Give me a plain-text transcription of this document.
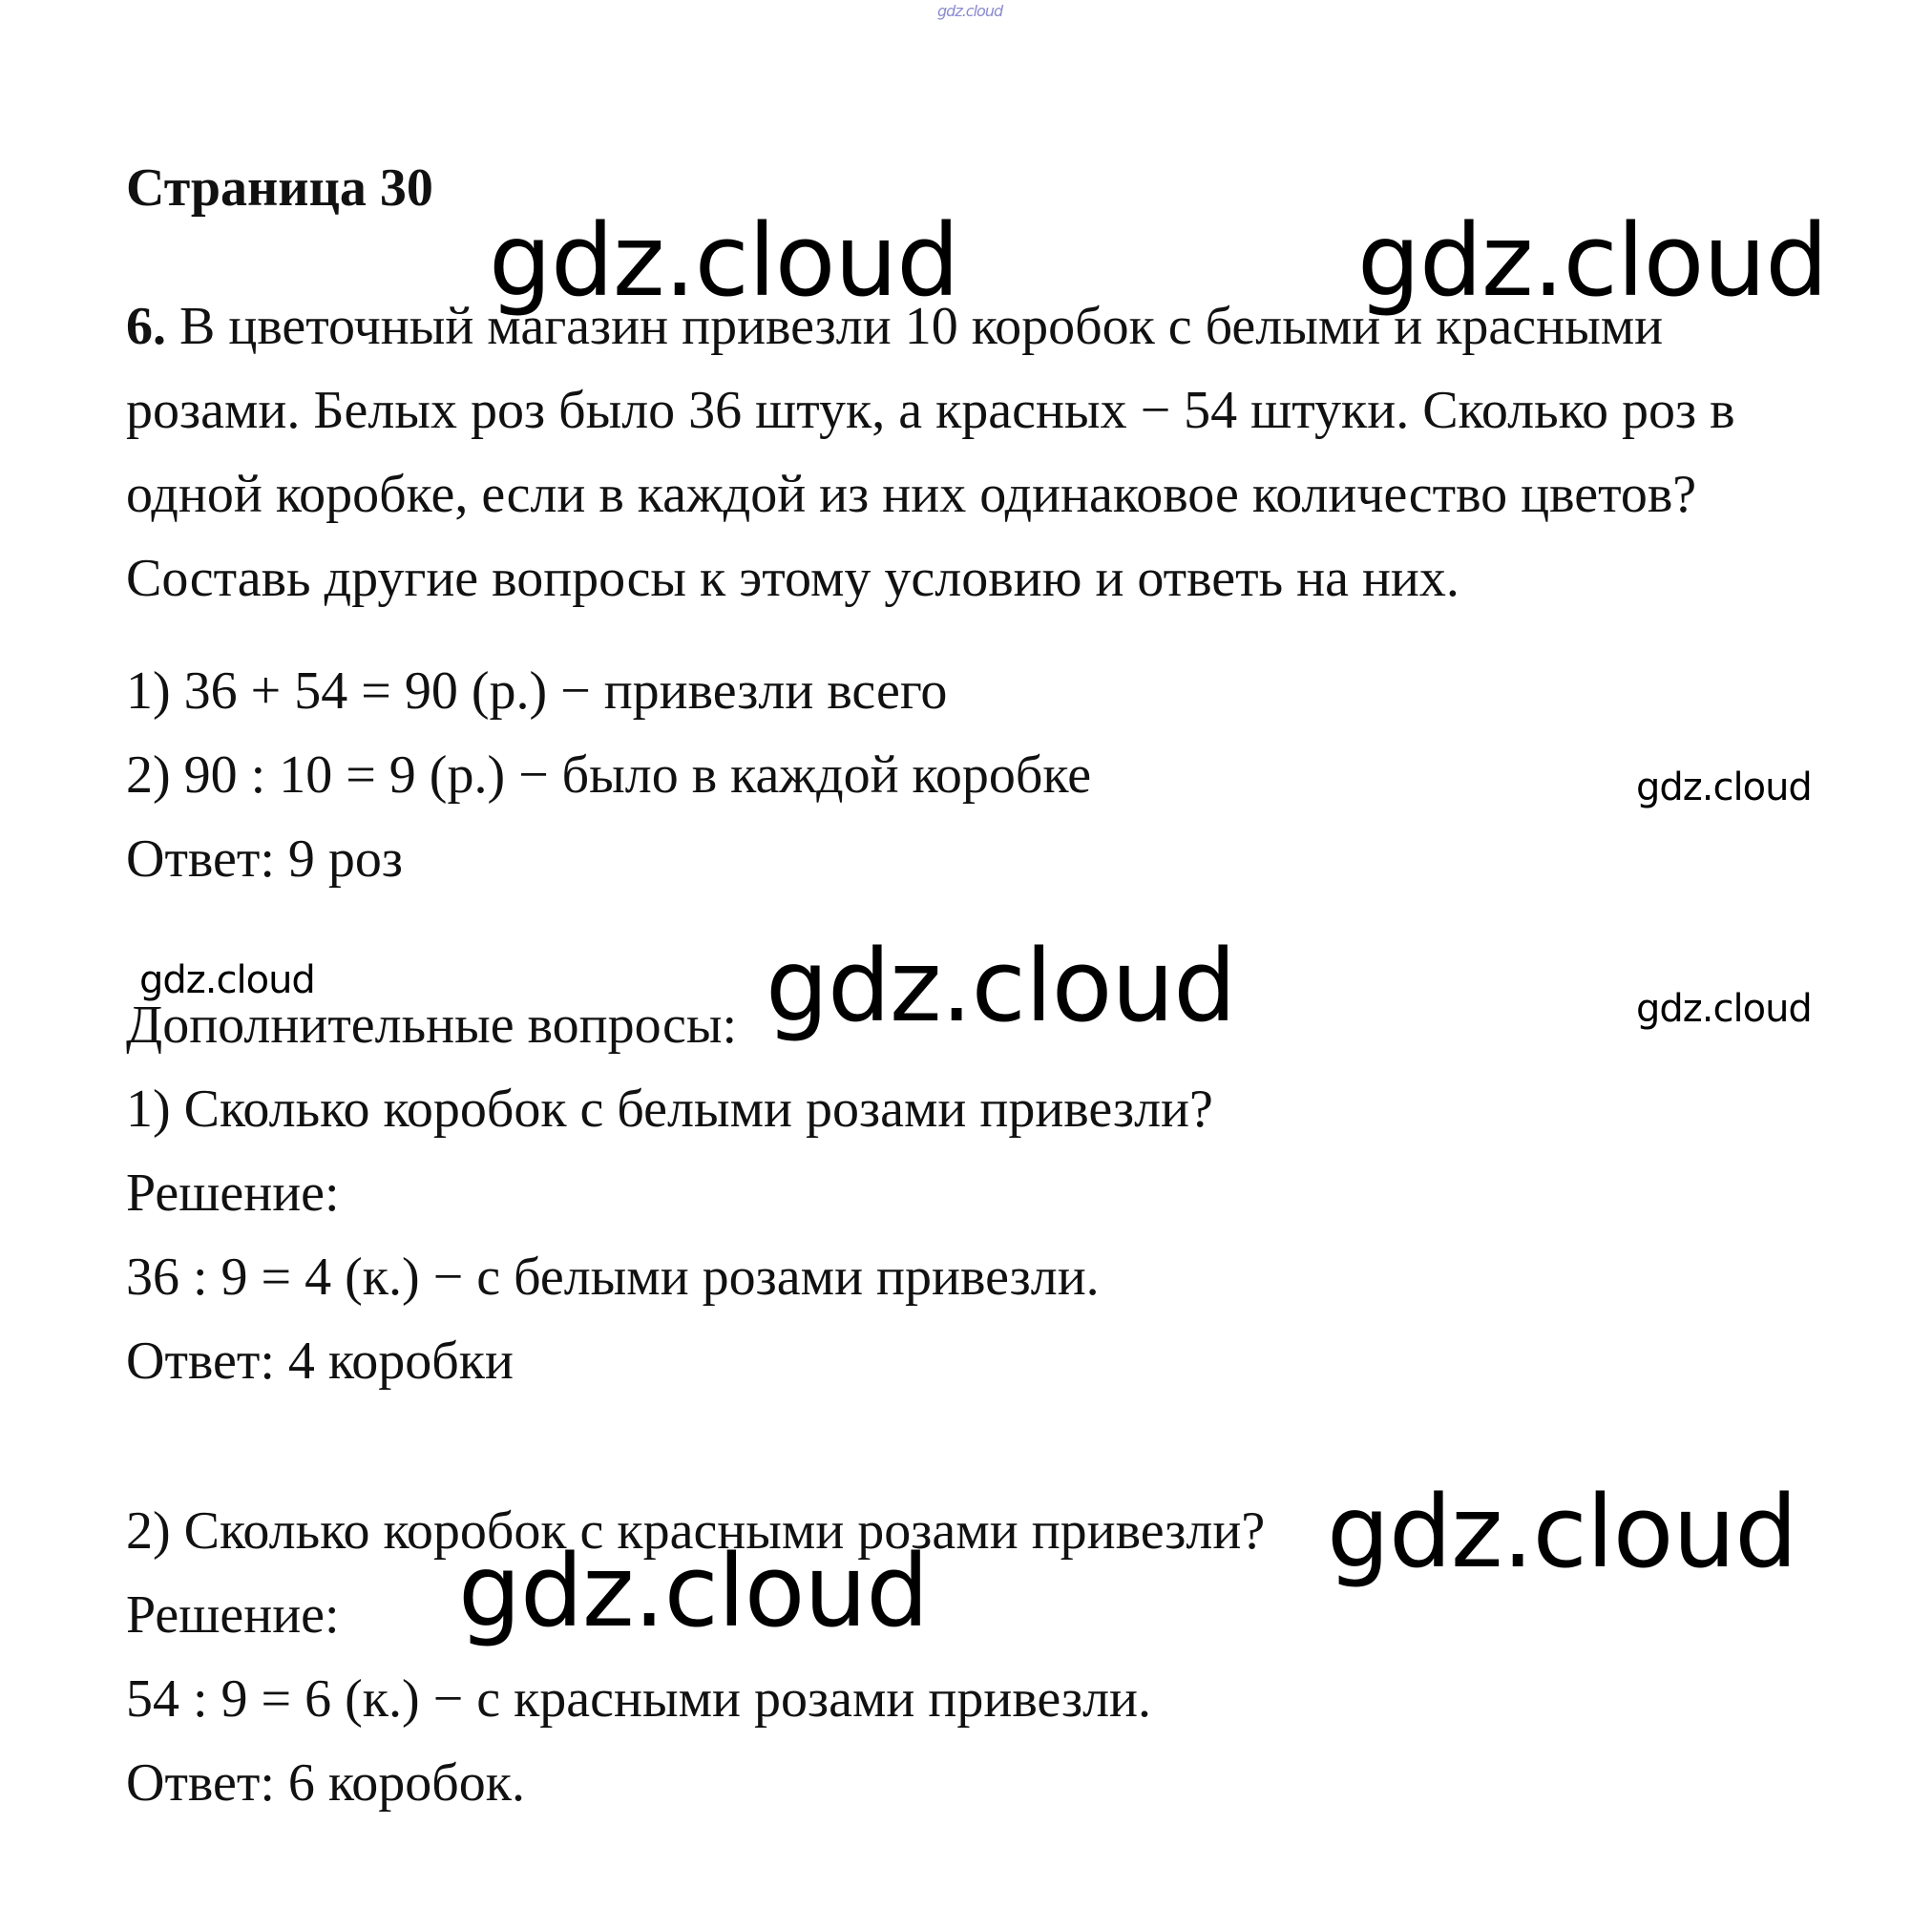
gdz.cloud
Страница 30
6. В цветочный магазин привезли 10 коробок с белыми и красными
розами. Белых роз было 36 штук, а красных − 54 штуки. Сколько роз в
одной коробке, если в каждой из них одинаковое количество цветов?
Составь другие вопросы к этому условию и ответь на них.
1) 36 + 54 = 90 (р.) − привезли всего
2) 90 : 10 = 9 (р.) − было в каждой коробке
Ответ: 9 роз
Дополнительные вопросы:
1) Сколько коробок с белыми розами привезли?
Решение:
36 : 9 = 4 (к.) − с белыми розами привезли.
Ответ: 4 коробки
2) Сколько коробок с красными розами привезли?
Решение:
54 : 9 = 6 (к.) − с красными розами привезли.
Ответ: 6 коробок.
gdz.cloud	gdz.cloud
gdz.cloud
gdz.cloud	gdz.cloud	gdz.cloud
gdz.cloud
gdz.cloud
